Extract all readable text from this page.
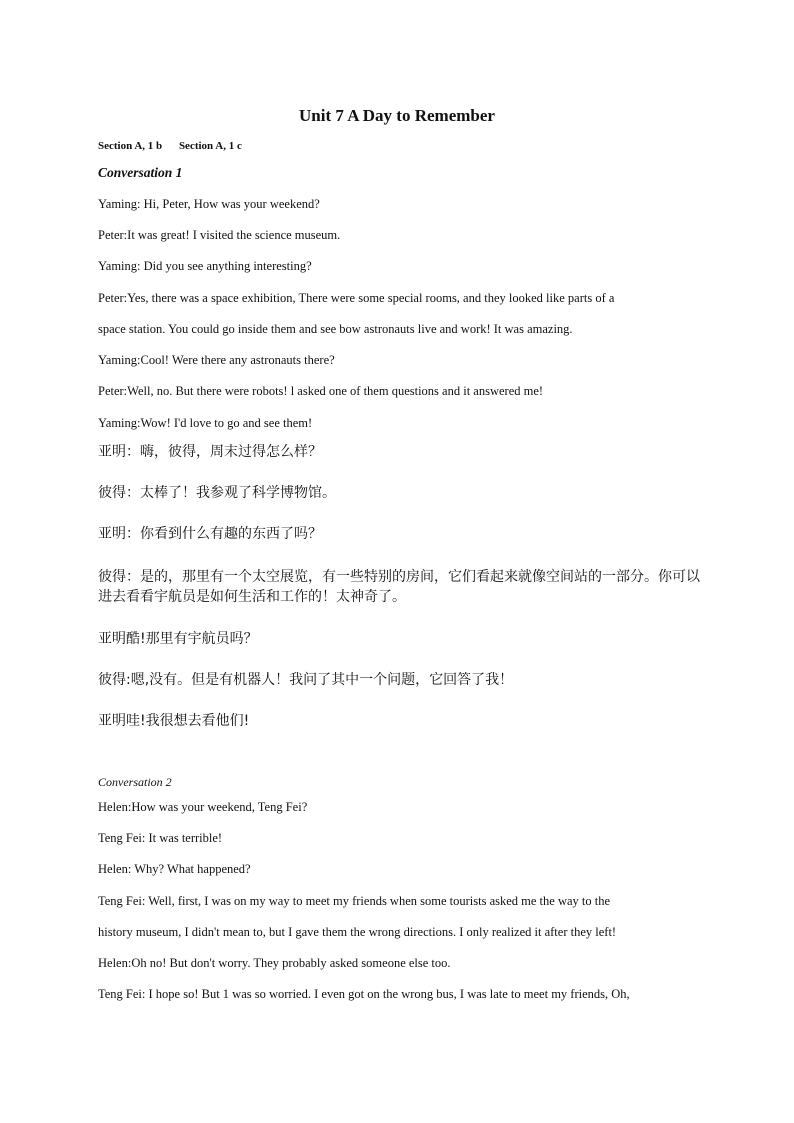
Unit 7 A Day to Remember
Section A, 1 b Section A, 1 c
Conversation 1
Yaming: Hi, Peter, How was your weekend?
Peter:It was great! I visited the science museum.
Yaming: Did you see anything interesting?
Peter:Yes, there was a space exhibition, There were some special rooms, and they looked like parts of a
space station. You could go inside them and see bow astronauts live and work! It was amazing.
Yaming:Cool! Were there any astronauts there?
Peter:Well, no. But there were robots! l asked one of them questions and it answered me!
Yaming:Wow! I'd love to go and see them!
亚明：嗨，彼得，周末过得怎么样？
彼得：太棒了！我参观了科学博物馆。
亚明：你看到什么有趣的东西了吗？
彼得：是的，那里有一个太空展览，有一些特别的房间，它们看起来就像空间站的一部分。你可以
进去看看宇航员是如何生活和工作的！太神奇了。
亚明酷!那里有宇航员吗？
彼得:嗯,没有。但是有机器人！我问了其中一个问题，它回答了我！
亚明哇!我很想去看他们!
Conversation 2
Helen:How was your weekend, Teng Fei?
Teng Fei: It was terrible!
Helen: Why? What happened?
Teng Fei: Well, first, I was on my way to meet my friends when some tourists asked me the way to the
history museum, I didn't mean to, but I gave them the wrong directions. I only realized it after they left!
Helen:Oh no! But don't worry. They probably asked someone else too.
Teng Fei: I hope so! But 1 was so worried. I even got on the wrong bus, I was late to meet my friends, Oh,
